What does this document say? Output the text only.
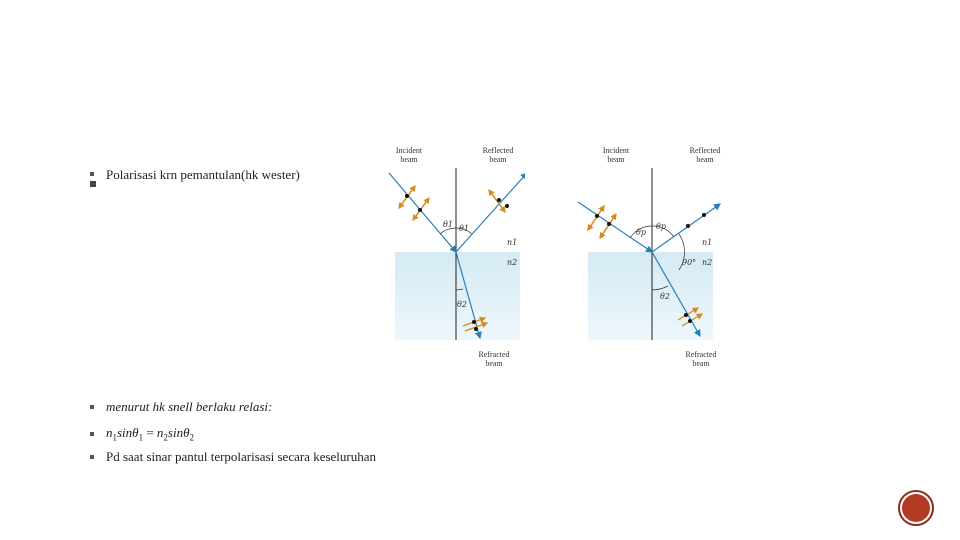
Polarisasi krn pemantulan(hk wester)
Incident
beam
Reflected
beam
Refracted
beam
θ1 θ1
θ2
n1
n2
Incident
beam
Reflected
beam
Refracted
beam
θp
θp
θ2
n1
n2
90°
menurut hk snell berlaku relasi:
$n_1\sin\theta_1 = n_2\sin\theta_2$
Pd saat sinar pantul terpolarisasi secara keseluruhan
